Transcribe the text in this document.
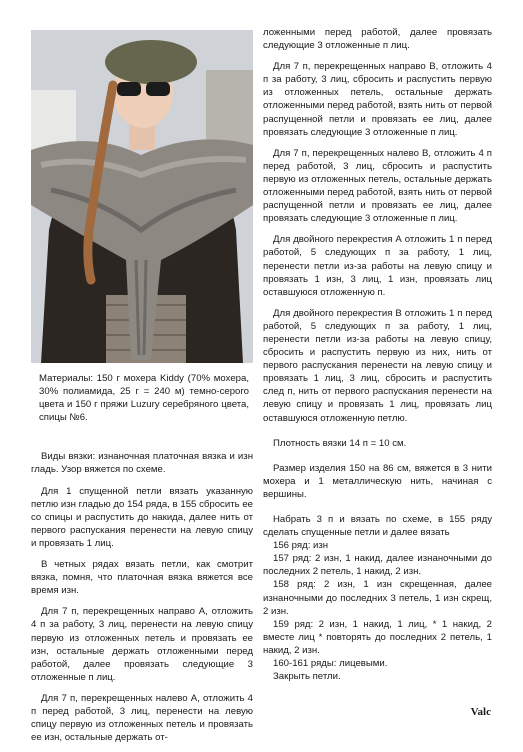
Материалы: 150 г мохера Kiddy (70% мохера, 30% полиамида, 25 г = 240 м) темно-серого цвета и 150 г пряжи Luzury серебряного цвета, спицы №6.

Виды вязки: изнаночная платочная вязка и изн гладь. Узор вяжется по схеме.

Для 1 спущенной петли вязать указанную петлю изн гладью до 154 ряда, в 155 сбросить ее со спицы и распустить до накида, далее нить от первого распускания перенести на левую спицу и провязать 1 лиц.

В четных рядах вязать петли, как смотрит вязка, помня, что платочная вязка вяжется все время изн.

Для 7 п, перекрещенных направо А, отложить 4 п за работу, 3 лиц, перенести на левую спицу первую из отложенных петель и провязать ее изн, остальные держать отложенными перед работой, далее провязать следующие 3 отложенные п лиц.

Для 7 п, перекрещенных налево А, отложить 4 п перед работой, 3 лиц, перенести на левую спицу первую из отложенных петель и провязать ее изн, остальные держать от-

ложенными перед работой, далее провязать следующие 3 отложенные п лиц.

Для 7 п, перекрещенных направо В, отложить 4 п за работу, 3 лиц, сбросить и распустить первую из отложенных петель, остальные держать отложенными перед работой, взять нить от первой распущенной петли и провязать ее лиц, далее провязать следующие 3 отложенные п лиц.

Для 7 п, перекрещенных налево В, отложить 4 п перед работой, 3 лиц, сбросить и распустить первую из отложенных петель, остальные держать отложенными перед работой, взять нить от первой распущенной петли и провязать ее лиц, далее провязать следующие 3 отложенные п лиц.

Для двойного перекрестия А отложить 1 п перед работой, 5 следующих п за работу, 1 лиц, перенести петли из-за работы на левую спицу и провязать 1 изн, 3 лиц, 1 изн, провязать лиц оставшуюся отложенную п.

Для двойного перекрестия В отложить 1 п перед работой, 5 следующих п за работу, 1 лиц, перенести петли из-за работы на левую спицу, сбросить и распустить первую из них, нить от первого распускания перенести на левую спицу и провязать 1 лиц, 3 лиц, сбросить и распустить след п, нить от первого распускания перенести на левую спицу и провязать 1 лиц, провязать лиц оставшуюся отложенную петлю.

Плотность вязки 14 п = 10 см.

Размер изделия 150 на 86 см, вяжется в 3 нити мохера и 1 металлическую нить, начиная с вершины.

Набрать 3 п и вязать по схеме, в 155 ряду сделать спущенные петли и далее вязать

156 ряд: изн

157 ряд: 2 изн, 1 накид, далее изнаночными до последних 2 петель, 1 накид, 2 изн.

158 ряд: 2 изн, 1 изн скрещенная, далее изнаночными до последних 3 петель, 1 изн скрещ, 2 изн.

159 ряд: 2 изн, 1 накид, 1 лиц, * 1 накид, 2 вместе лиц * повторять до последних 2 петель, 1 накид, 2 изн.

160-161 ряды: лицевыми.

Закрыть петли.

Valc
